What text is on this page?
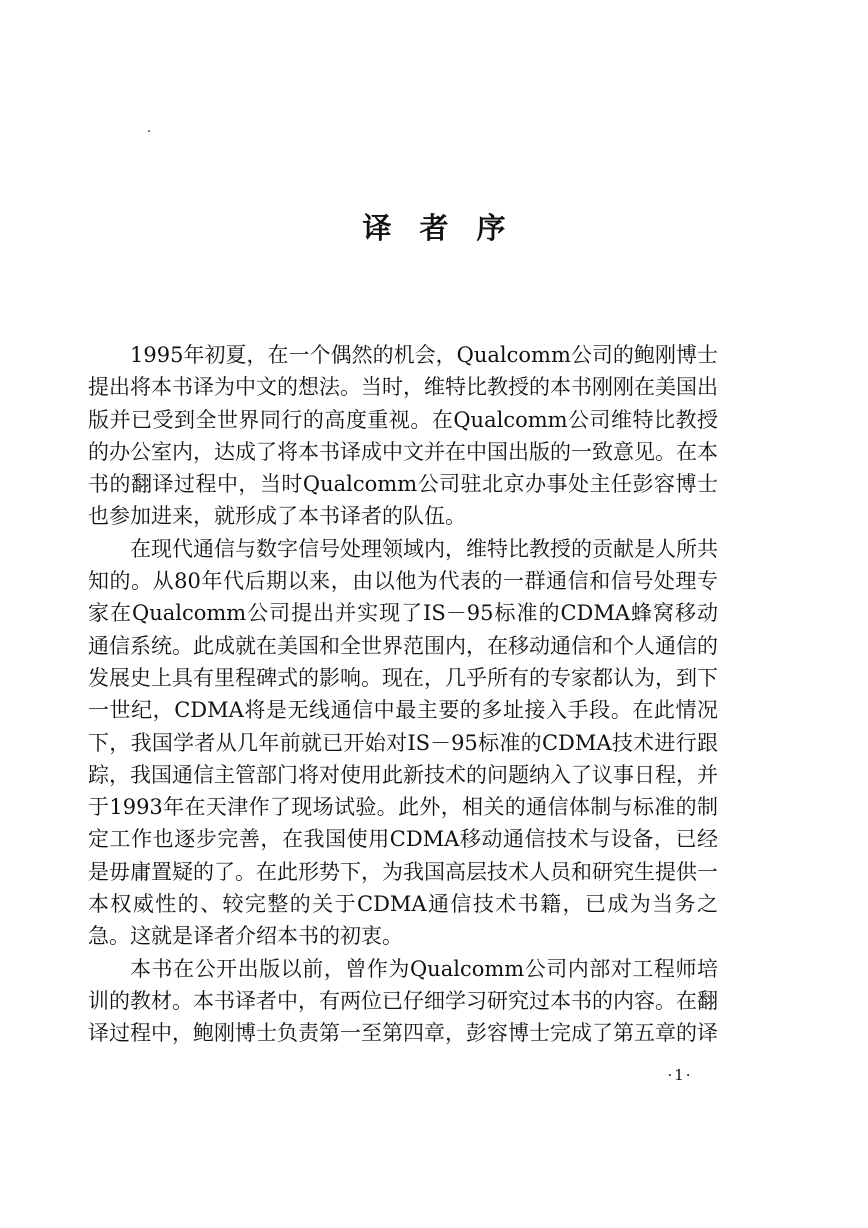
译者序

1995年初夏，在一个偶然的机会，Qualcomm公司的鲍刚博士提出将本书译为中文的想法。当时，维特比教授的本书刚刚在美国出版并已受到全世界同行的高度重视。在Qualcomm公司维特比教授的办公室内，达成了将本书译成中文并在中国出版的一致意见。在本书的翻译过程中，当时Qualcomm公司驻北京办事处主任彭容博士也参加进来，就形成了本书译者的队伍。

在现代通信与数字信号处理领域内，维特比教授的贡献是人所共知的。从80年代后期以来，由以他为代表的一群通信和信号处理专家在Qualcomm公司提出并实现了IS－95标准的CDMA蜂窝移动通信系统。此成就在美国和全世界范围内，在移动通信和个人通信的发展史上具有里程碑式的影响。现在，几乎所有的专家都认为，到下一世纪，CDMA将是无线通信中最主要的多址接入手段。在此情况下，我国学者从几年前就已开始对IS－95标准的CDMA技术进行跟踪，我国通信主管部门将对使用此新技术的问题纳入了议事日程，并于1993年在天津作了现场试验。此外，相关的通信体制与标准的制定工作也逐步完善，在我国使用CDMA移动通信技术与设备，已经是毋庸置疑的了。在此形势下，为我国高层技术人员和研究生提供一本权威性的、较完整的关于CDMA通信技术书籍，已成为当务之急。这就是译者介绍本书的初衷。

本书在公开出版以前，曾作为Qualcomm公司内部对工程师培训的教材。本书译者中，有两位已仔细学习研究过本书的内容。在翻译过程中，鲍刚博士负责第一至第四章，彭容博士完成了第五章的译

·1·
